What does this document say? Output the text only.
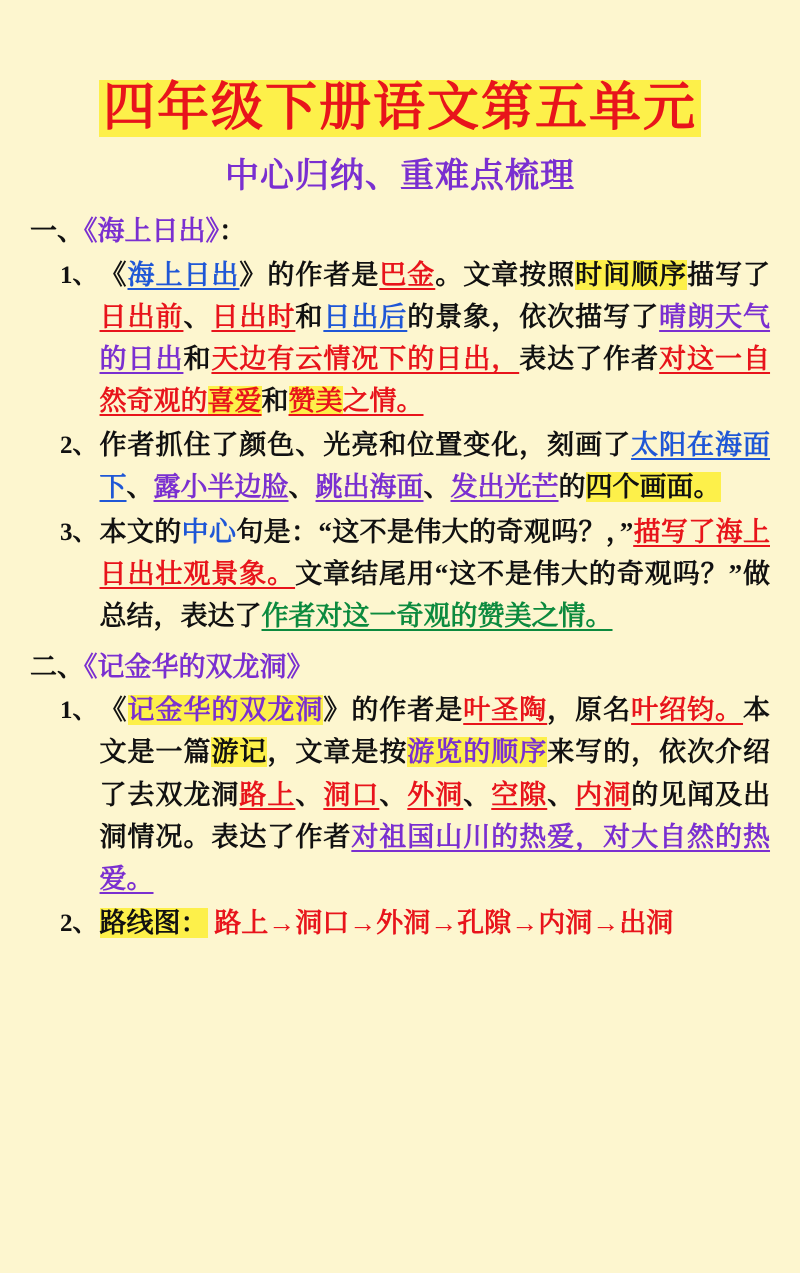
四年级下册语文第五单元
中心归纳、重难点梳理
一、《海上日出》：
1、 《海上日出》的作者是巴金。文章按照时间顺序描写了日出前、日出时和日出后的景象，依次描写了晴朗天气的日出和天边有云情况下的日出，表达了作者对这一自然奇观的喜爱和赞美之情。
2、 作者抓住了颜色、光亮和位置变化，刻画了太阳在海面下、露小半边脸、跳出海面、发出光芒的四个画面。
3、 本文的中心句是：“这不是伟大的奇观吗？，”描写了海上日出壮观景象。文章结尾用“这不是伟大的奇观吗？”做总结，表达了作者对这一奇观的赞美之情。
二、《记金华的双龙洞》
1、 《记金华的双龙洞》的作者是叶圣陶，原名叶绍钧。本文是一篇游记，文章是按游览的顺序来写的，依次介绍了去双龙洞路上、洞口、外洞、空隙、内洞的见闻及出洞情况。表达了作者对祖国山川的热爱，对大自然的热爱。
2、 路线图： 路上→洞口→外洞→孔隙→内洞→出洞
